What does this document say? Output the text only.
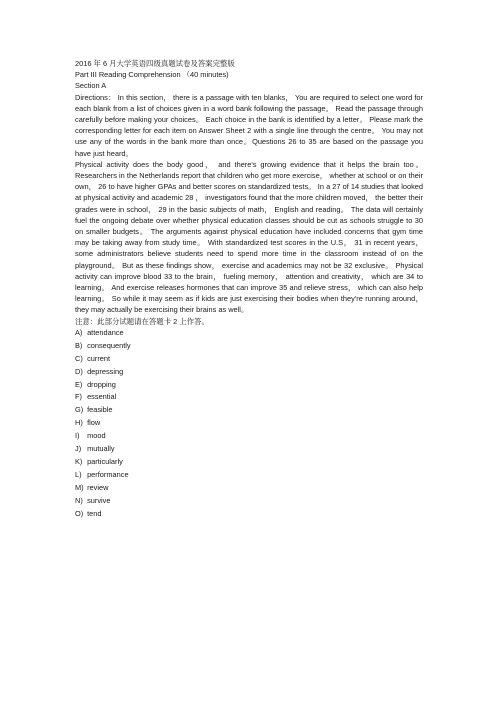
2016 年 6 月大学英语四级真题试卷及答案完整版
Part III Reading Comprehension （40 minutes)
Section A
Directions： In this section， there is a passage with ten blanks， You are required to select one word for each blank from a list of choices given in a word bank following the passage。 Read the passage through carefully before making your choices。 Each choice in the bank is identified by a letter。 Please mark the corresponding letter for each item on Answer Sheet 2 with a single line through the centre。 You may not use any of the words in the bank more than once。Questions 26 to 35 are based on the passage you have just heard。
Physical activity does the body good， and there's growing evidence that it helps the brain too。 Researchers in the Netherlands report that children who get more exercise， whether at school or on their own， 26 to have higher GPAs and better scores on standardized tests。 In a 27 of 14 studies that looked at physical activity and academic 28 ， investigators found that the more children moved， the better their grades were in school， 29 in the basic subjects of math， English and reading。 The data will certainly fuel the ongoing debate over whether physical education classes should be cut as schools struggle to 30 on smaller budgets。 The arguments against physical education have included concerns that gym time may be taking away from study time。 With standardized test scores in the U.S， 31 in recent years， some administrators believe students need to spend more time in the classroom instead of on the playground。 But as these findings show， exercise and academics may not be 32 exclusive。 Physical activity can improve blood 33 to the brain， fueling memory， attention and creativity， which are 34 to learning。 And exercise releases hormones that can improve 35 and relieve stress， which can also help learning。 So while it may seem as if kids are just exercising their bodies when they're running around，they may actually be exercising their brains as well。
注意：此部分试题请在答题卡 2 上作答。
A) attendance
B) consequently
C) current
D) depressing
E) dropping
F) essential
G) feasible
H) flow
I) mood
J) mutually
K) particularly
L) performance
M) review
N) survive
O) tend
